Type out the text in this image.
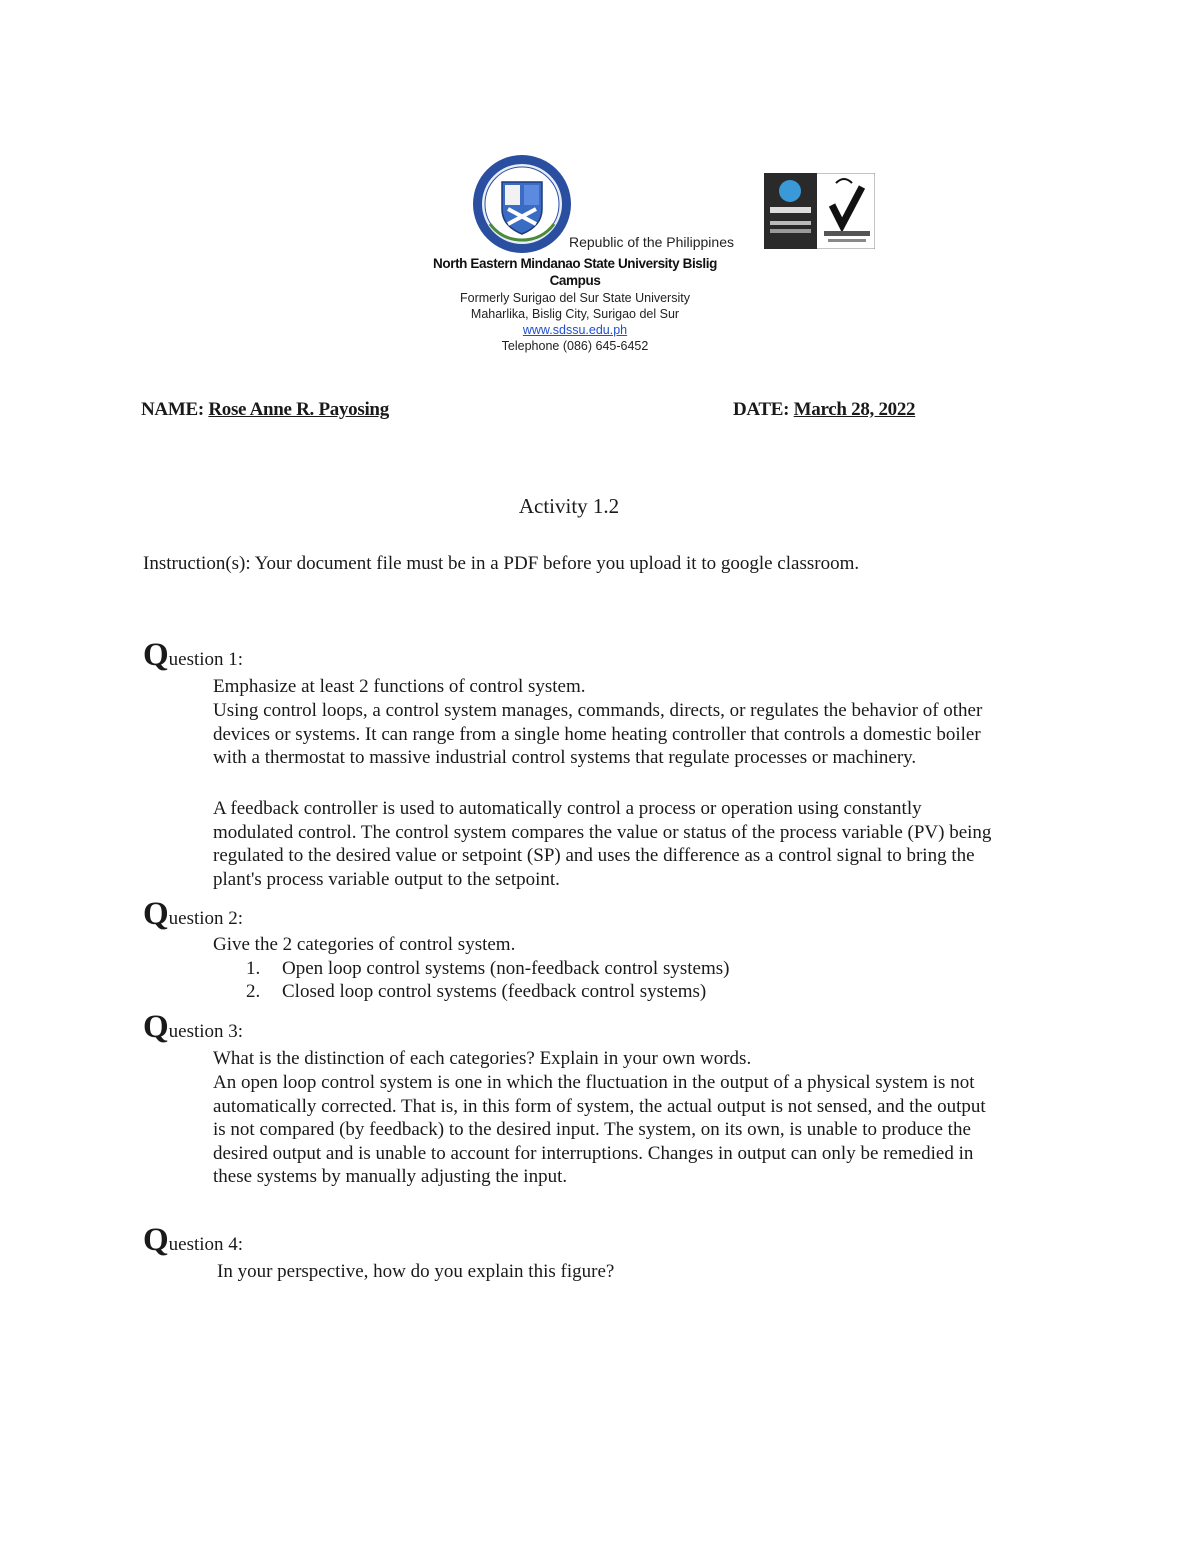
Republic of the Philippines
North Eastern Mindanao State University Bislig
Campus
Formerly Surigao del Sur State University
Maharlika, Bislig City, Surigao del Sur
www.sdssu.edu.ph
Telephone (086) 645-6452
NAME: Rose Anne R. Payosing	DATE: March 28, 2022
Activity 1.2
Instruction(s): Your document file must be in a PDF before you upload it to google classroom.
Question 1:
Emphasize at least 2 functions of control system.
Using control loops, a control system manages, commands, directs, or regulates the behavior of other
devices or systems. It can range from a single home heating controller that controls a domestic boiler
with a thermostat to massive industrial control systems that regulate processes or machinery.
A feedback controller is used to automatically control a process or operation using constantly
modulated control. The control system compares the value or status of the process variable (PV) being
regulated to the desired value or setpoint (SP) and uses the difference as a control signal to bring the
plant's process variable output to the setpoint.
Question 2:
Give the 2 categories of control system.
1. Open loop control systems (non-feedback control systems)
2. Closed loop control systems (feedback control systems)
Question 3:
What is the distinction of each categories? Explain in your own words.
An open loop control system is one in which the fluctuation in the output of a physical system is not
automatically corrected. That is, in this form of system, the actual output is not sensed, and the output
is not compared (by feedback) to the desired input. The system, on its own, is unable to produce the
desired output and is unable to account for interruptions. Changes in output can only be remedied in
these systems by manually adjusting the input.
Question 4:
In your perspective, how do you explain this figure?
